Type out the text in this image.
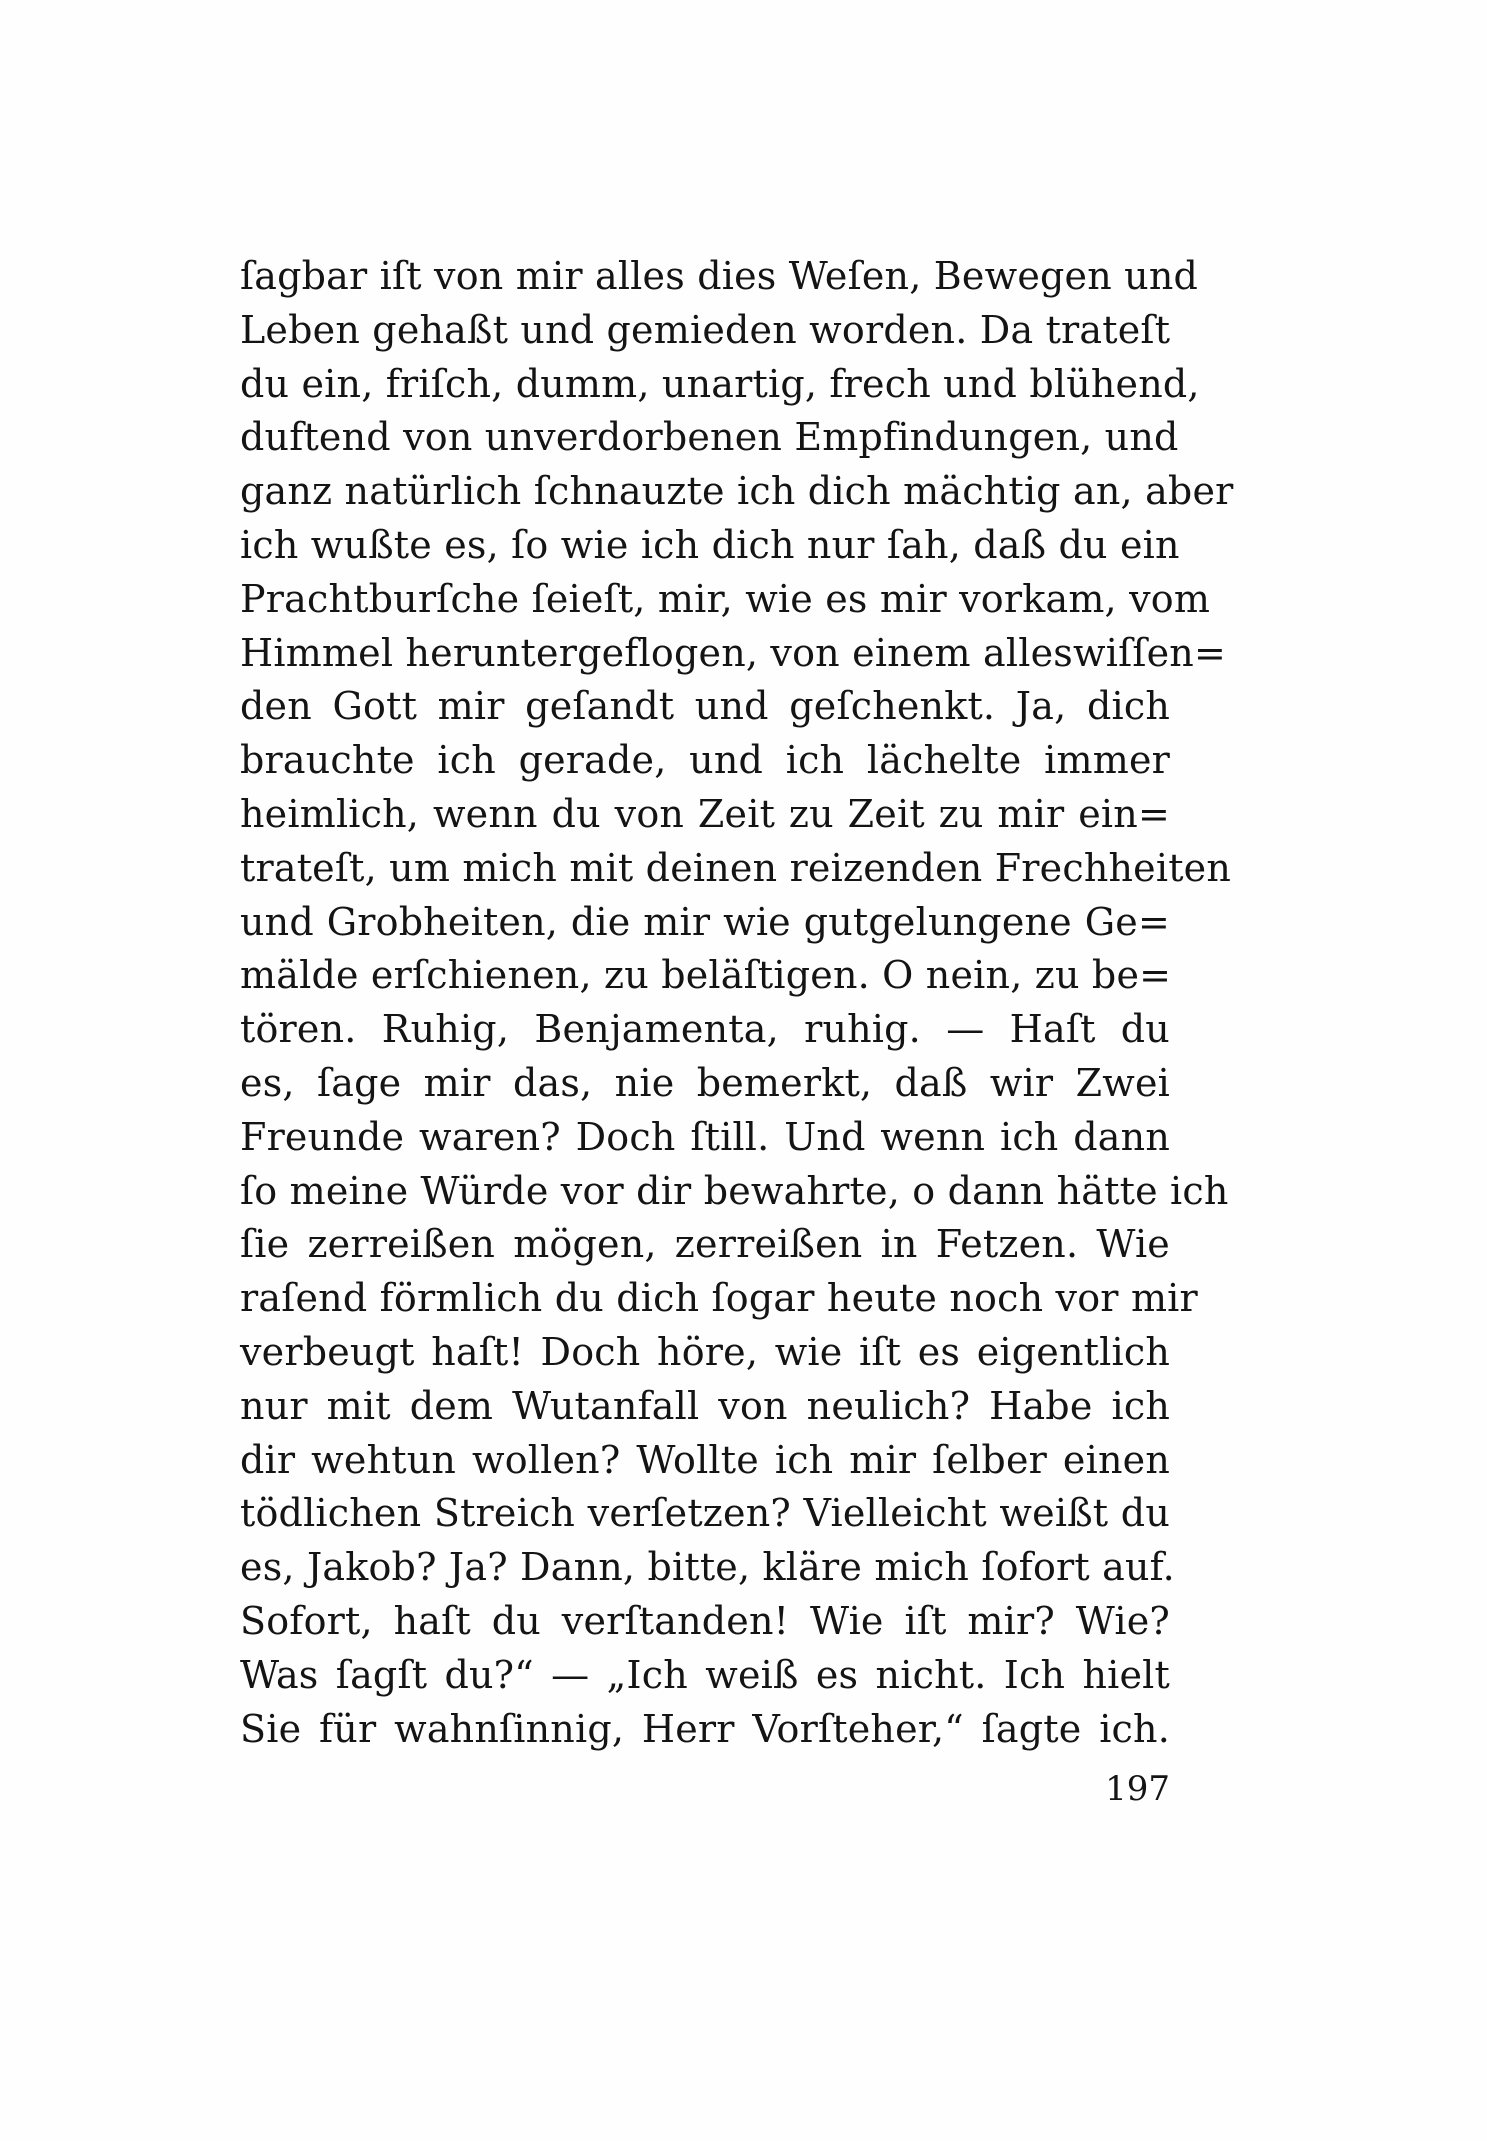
ſagbar iſt von mir alles dies Weſen, Bewegen und
Leben gehaßt und gemieden worden. Da trateſt
du ein, friſch, dumm, unartig, frech und blühend,
duftend von unverdorbenen Empfindungen, und
ganz natürlich ſchnauzte ich dich mächtig an, aber
ich wußte es, ſo wie ich dich nur ſah, daß du ein
Prachtburſche ſeieſt, mir, wie es mir vorkam, vom
Himmel heruntergeflogen, von einem alleswiſſen=
den Gott mir geſandt und geſchenkt. Ja, dich
brauchte ich gerade, und ich lächelte immer
heimlich, wenn du von Zeit zu Zeit zu mir ein=
trateſt, um mich mit deinen reizenden Frechheiten
und Grobheiten, die mir wie gutgelungene Ge=
mälde erſchienen, zu beläſtigen. O nein, zu be=
tören. Ruhig, Benjamenta, ruhig. — Haſt du
es, ſage mir das, nie bemerkt, daß wir Zwei
Freunde waren? Doch ſtill. Und wenn ich dann
ſo meine Würde vor dir bewahrte, o dann hätte ich
ſie zerreißen mögen, zerreißen in Fetzen. Wie
raſend förmlich du dich ſogar heute noch vor mir
verbeugt haſt! Doch höre, wie iſt es eigentlich
nur mit dem Wutanfall von neulich? Habe ich
dir wehtun wollen? Wollte ich mir ſelber einen
tödlichen Streich verſetzen? Vielleicht weißt du
es, Jakob? Ja? Dann, bitte, kläre mich ſofort auf.
Sofort, haſt du verſtanden! Wie iſt mir? Wie?
Was ſagſt du?“ — „Ich weiß es nicht. Ich hielt
Sie für wahnſinnig, Herr Vorſteher,“ ſagte ich.
197
